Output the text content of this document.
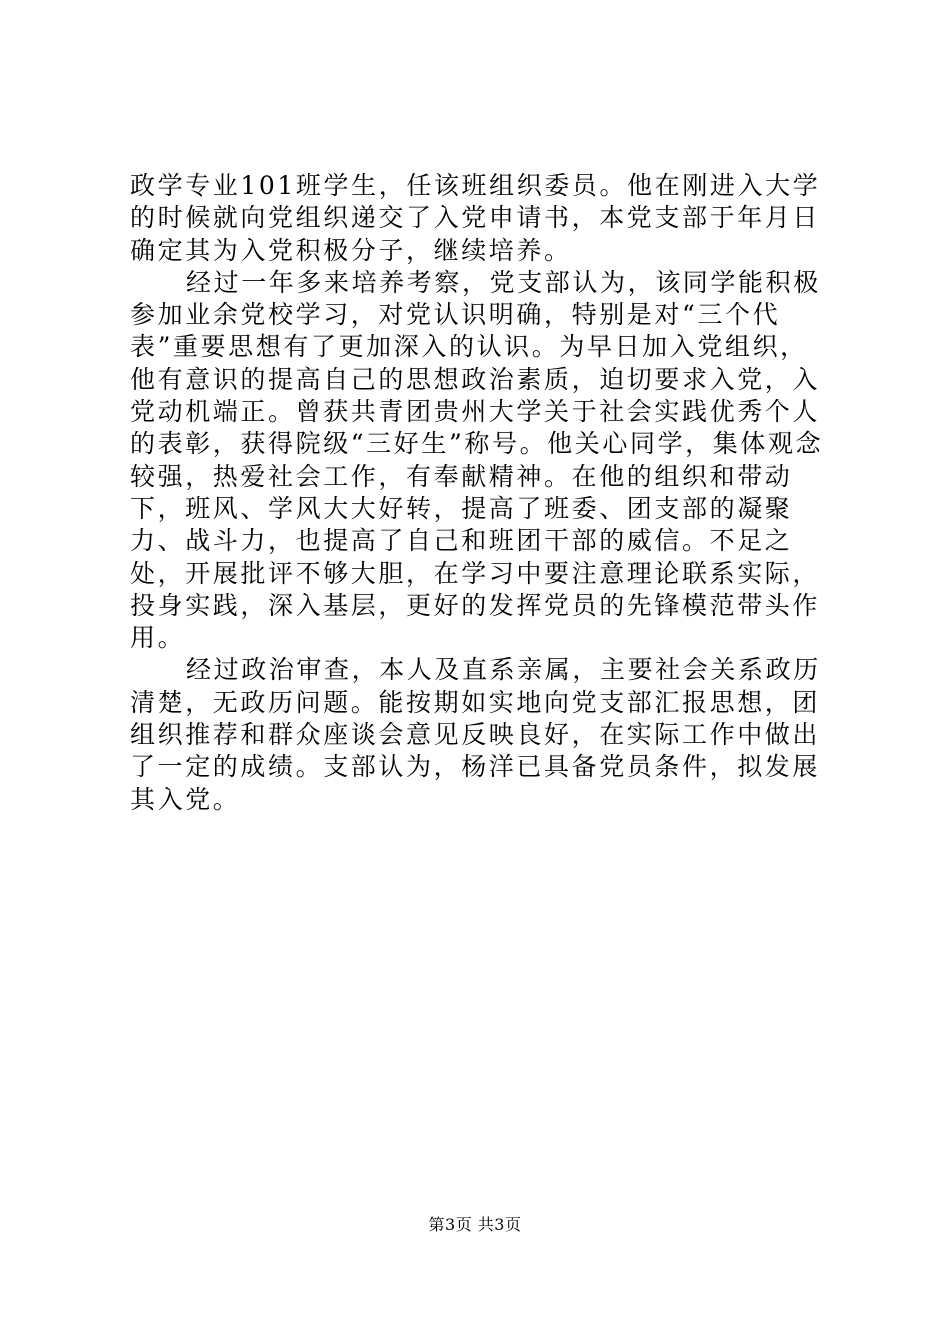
政学专业101班学生，任该班组织委员。他在刚进入大学的时候就向党组织递交了入党申请书，本党支部于年月日确定其为入党积极分子，继续培养。

经过一年多来培养考察，党支部认为，该同学能积极参加业余党校学习，对党认识明确，特别是对“三个代表”重要思想有了更加深入的认识。为早日加入党组织，他有意识的提高自己的思想政治素质，迫切要求入党，入党动机端正。曾获共青团贵州大学关于社会实践优秀个人的表彰，获得院级“三好生”称号。他关心同学，集体观念较强，热爱社会工作，有奉献精神。在他的组织和带动下，班风、学风大大好转，提高了班委、团支部的凝聚力、战斗力，也提高了自己和班团干部的威信。不足之处，开展批评不够大胆，在学习中要注意理论联系实际，投身实践，深入基层，更好的发挥党员的先锋模范带头作用。

经过政治审查，本人及直系亲属，主要社会关系政历清楚，无政历问题。能按期如实地向党支部汇报思想，团组织推荐和群众座谈会意见反映良好，在实际工作中做出了一定的成绩。支部认为，杨洋已具备党员条件，拟发展其入党。

第3页 共3页
